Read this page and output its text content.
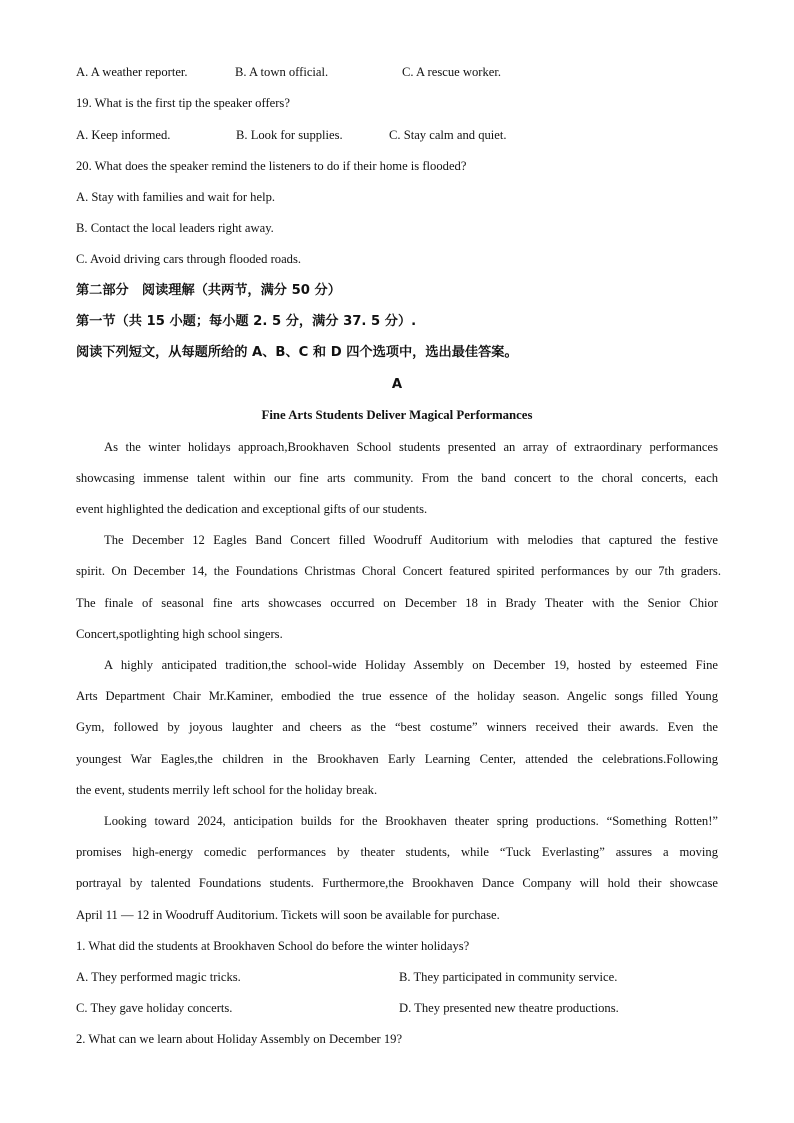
A. A weather reporter.	B. A town official.	C. A rescue worker.
19. What is the first tip the speaker offers?
A. Keep informed.	B. Look for supplies.	C. Stay calm and quiet.
20. What does the speaker remind the listeners to do if their home is flooded?
A. Stay with families and wait for help.
B. Contact the local leaders right away.
C. Avoid driving cars through flooded roads.
第二部分　阅读理解（共两节，满分 50 分）
第一节（共 15 小题；每小题 2. 5 分，满分 37. 5 分）.
阅读下列短文，从每题所给的 A、B、C 和 D 四个选项中，选出最佳答案。
A
Fine Arts Students Deliver Magical Performances
As the winter holidays approach,Brookhaven School students presented an array of extraordinary performances
showcasing immense talent within our fine arts community. From the band concert to the choral concerts, each
event highlighted the dedication and exceptional gifts of our students.
The December 12 Eagles Band Concert filled Woodruff Auditorium with melodies that captured the festive
spirit. On December 14, the Foundations Christmas Choral Concert featured spirited performances by our 7th graders.
The finale of seasonal fine arts showcases occurred on December 18 in Brady Theater with the Senior Chior
Concert,spotlighting high school singers.
A highly anticipated tradition,the school-wide Holiday Assembly on December 19, hosted by esteemed Fine
Arts Department Chair Mr.Kaminer, embodied the true essence of the holiday season. Angelic songs filled Young
Gym, followed by joyous laughter and cheers as the “best costume” winners received their awards. Even the
youngest War Eagles,the children in the Brookhaven Early Learning Center, attended the celebrations.Following
the event, students merrily left school for the holiday break.
Looking toward 2024, anticipation builds for the Brookhaven theater spring productions. “Something Rotten!”
promises high-energy comedic performances by theater students, while “Tuck Everlasting” assures a moving
portrayal by talented Foundations students. Furthermore,the Brookhaven Dance Company will hold their showcase
April 11 — 12 in Woodruff Auditorium. Tickets will soon be available for purchase.
1. What did the students at Brookhaven School do before the winter holidays?
A. They performed magic tricks.	B. They participated in community service.
C. They gave holiday concerts.	D. They presented new theatre productions.
2. What can we learn about Holiday Assembly on December 19?
